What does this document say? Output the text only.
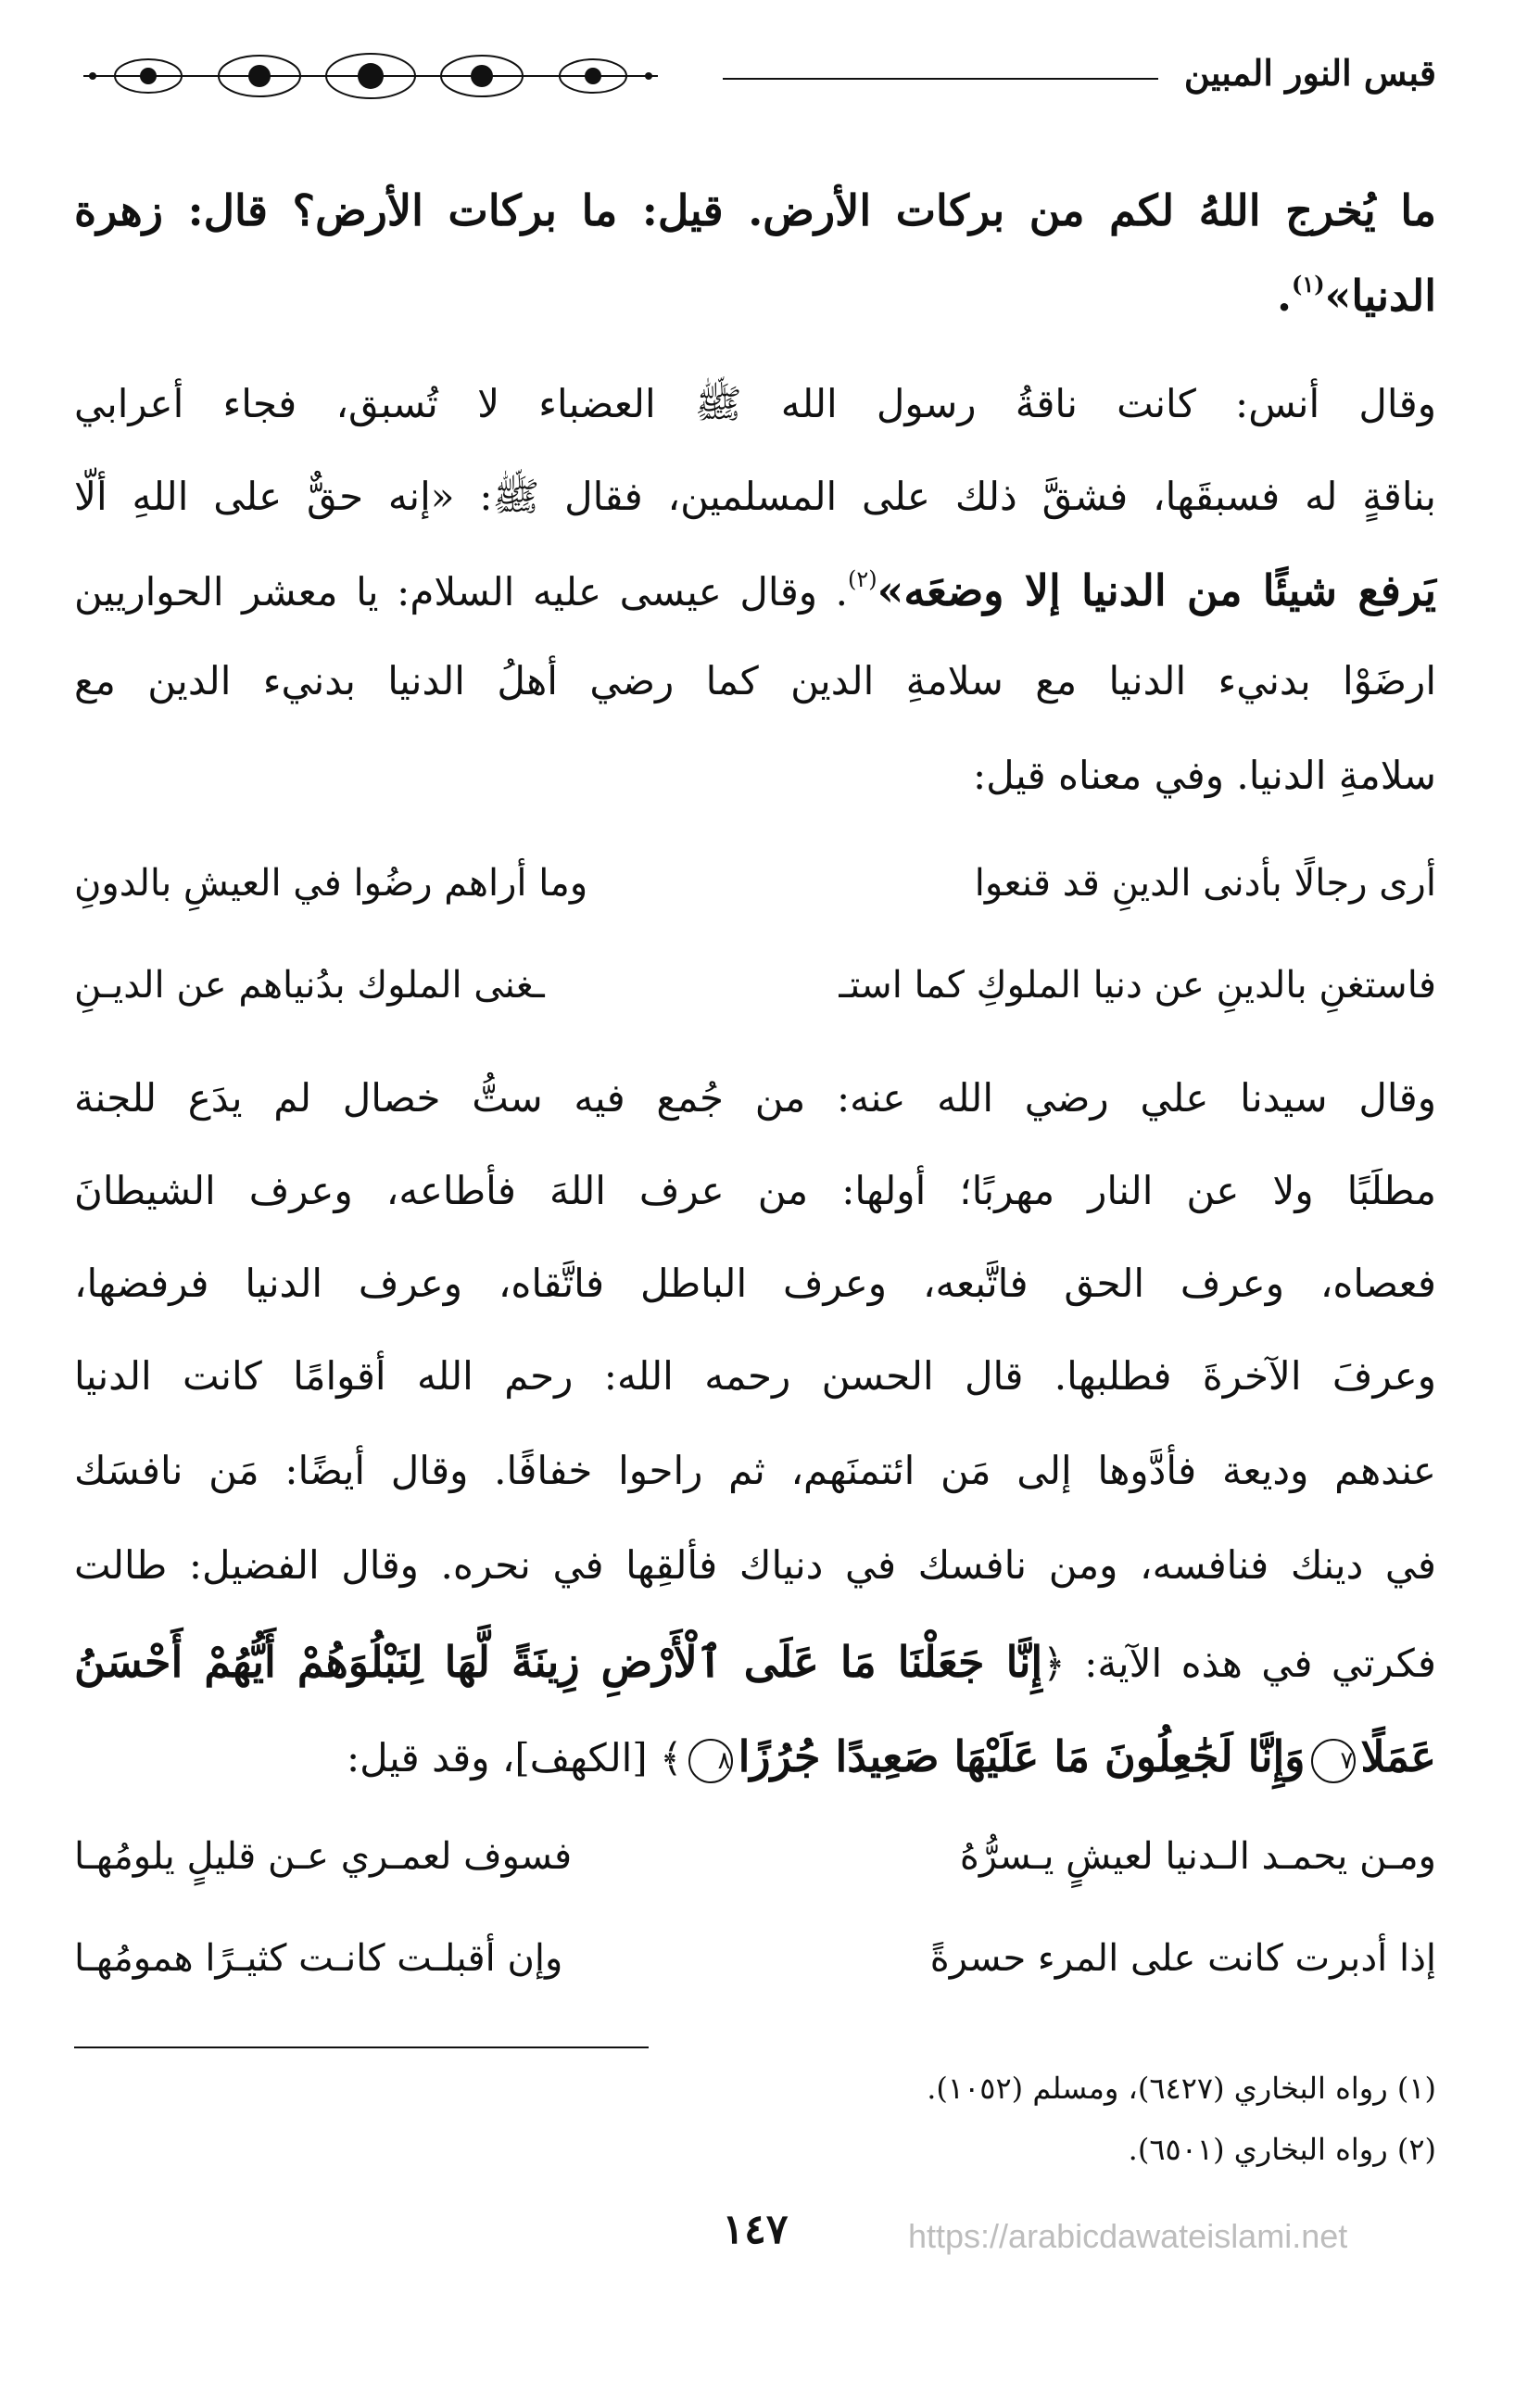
قبس النور المبين
ما يُخرج اللهُ لكم من بركات الأرض. قيل: ما بركات الأرض؟ قال: زهرة
الدنيا»$^{(١)}$.
وقال أنس: كانت ناقةُ رسول الله ﷺ العضباء لا تُسبق، فجاء أعرابي
بناقةٍ له فسبقَها، فشقَّ ذلك على المسلمين، فقال ﷺ: «إنه حقٌّ على اللهِ ألّا
يَرفع شيئًا من الدنيا إلا وضعَه»$^{(٢)}$. وقال عيسى عليه السلام: يا معشر الحواريين
ارضَوْا بدنيء الدنيا مع سلامةِ الدين كما رضي أهلُ الدنيا بدنيء الدين مع
سلامةِ الدنيا. وفي معناه قيل:
أرى رجالًا بأدنى الدينِ قد قنعوا
وما أراهم رضُوا في العيشِ بالدونِ
فاستغنِ بالدينِ عن دنيا الملوكِ كما استـ
ـغنى الملوك بدُنياهم عن الديـنِ
وقال سيدنا علي رضي الله عنه: من جُمع فيه ستُّ خصال لم يدَع للجنة
مطلَبًا ولا عن النار مهربًا؛ أولها: من عرف اللهَ فأطاعه، وعرف الشيطانَ
فعصاه، وعرف الحق فاتَّبعه، وعرف الباطل فاتَّقاه، وعرف الدنيا فرفضها،
وعرفَ الآخرةَ فطلبها. قال الحسن رحمه الله: رحم الله أقوامًا كانت الدنيا
عندهم وديعة فأدَّوها إلى مَن ائتمنَهم، ثم راحوا خفافًا. وقال أيضًا: مَن نافسَك
في دينك فنافسه، ومن نافسك في دنياك فألقِها في نحره. وقال الفضيل: طالت
فكرتي في هذه الآية: ﴿إِنَّا جَعَلْنَا مَا عَلَى ٱلْأَرْضِ زِينَةً لَّهَا لِنَبْلُوَهُمْ أَيُّهُمْ أَحْسَنُ
عَمَلًا٧وَإِنَّا لَجَٰعِلُونَ مَا عَلَيْهَا صَعِيدًا جُرُزًا٨﴾ [الكهف]، وقد قيل:
ومـن يحمـد الـدنيا لعيشٍ يـسرُّهُ
فسوف لعمـري عـن قليلٍ يلومُهـا
إذا أدبرت كانت على المرء حسرةً
وإن أقبلـت كانـت كثيـرًا همومُهـا
(١) رواه البخاري (٦٤٢٧)، ومسلم (١٠٥٢).
(٢) رواه البخاري (٦٥٠١).
١٤٧	https://arabicdawateislami.net
